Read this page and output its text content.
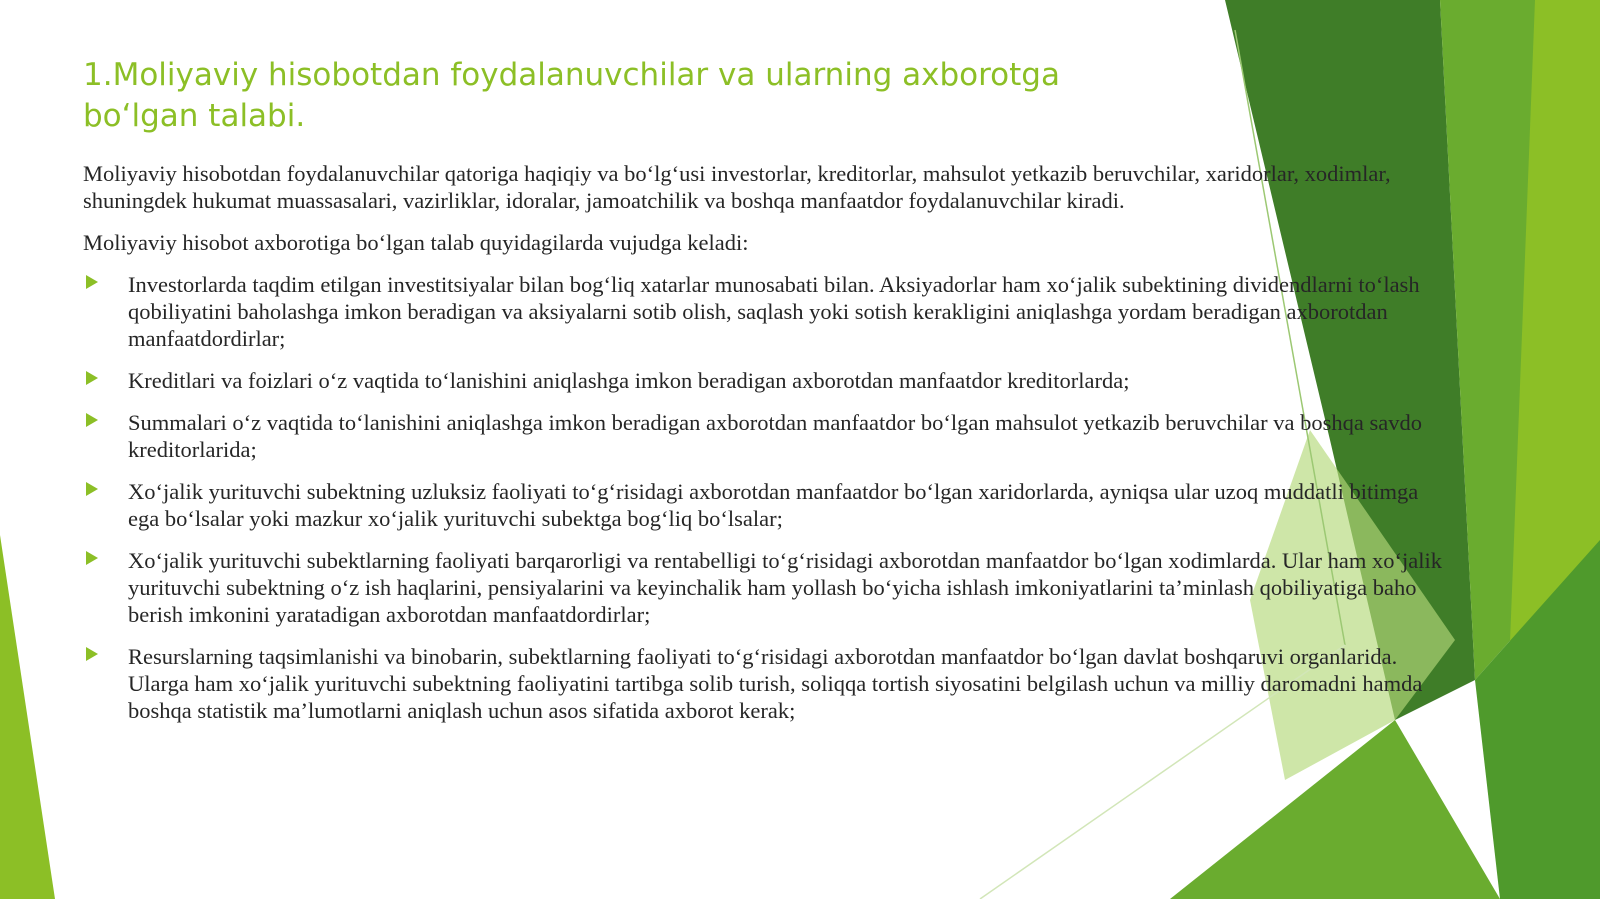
1.Moliyaviy hisobotdan foydalanuvchilar va ularning axborotga bo‘lgan talabi.

Moliyaviy hisobotdan foydalanuvchilar qatoriga haqiqiy va bo‘lg‘usi investorlar, kreditorlar, mahsulot yetkazib beruvchilar, xaridorlar, xodimlar, shuningdek hukumat muassasalari, vazirliklar, idoralar, jamoatchilik va boshqa manfaatdor foydalanuvchilar kiradi.

Moliyaviy hisobot axborotiga bo‘lgan talab quyidagilarda vujudga keladi:

Investorlarda taqdim etilgan investitsiyalar bilan bog‘liq xatarlar munosabati bilan. Aksiyadorlar ham xo‘jalik subektining dividendlarni to‘lash qobiliyatini baholashga imkon beradigan va aksiyalarni sotib olish, saqlash yoki sotish kerakligini aniqlashga yordam beradigan axborotdan manfaatdordirlar;
Kreditlari va foizlari o‘z vaqtida to‘lanishini aniqlashga imkon beradigan axborotdan manfaatdor kreditorlarda;
Summalari o‘z vaqtida to‘lanishini aniqlashga imkon beradigan axborotdan manfaatdor bo‘lgan mahsulot yetkazib beruvchilar va boshqa savdo kreditorlarida;
Xo‘jalik yurituvchi subektning uzluksiz faoliyati to‘g‘risidagi axborotdan manfaatdor bo‘lgan xaridorlarda, ayniqsa ular uzoq muddatli bitimga ega bo‘lsalar yoki mazkur xo‘jalik yurituvchi subektga bog‘liq bo‘lsalar;
Xo‘jalik yurituvchi subektlarning faoliyati barqarorligi va rentabelligi to‘g‘risidagi axborotdan manfaatdor bo‘lgan xodimlarda. Ular ham xo‘jalik yurituvchi subektning o‘z ish haqlarini, pensiyalarini va keyinchalik ham yollash bo‘yicha ishlash imkoniyatlarini ta’minlash qobiliyatiga baho berish imkonini yaratadigan axborotdan manfaatdordirlar;
Resurslarning taqsimlanishi va binobarin, subektlarning faoliyati to‘g‘risidagi axborotdan manfaatdor bo‘lgan davlat boshqaruvi organlarida. Ularga ham xo‘jalik yurituvchi subektning faoliyatini tartibga solib turish, soliqqa tortish siyosatini belgilash uchun va milliy daromadni hamda boshqa statistik ma’lumotlarni aniqlash uchun asos sifatida axborot kerak;
